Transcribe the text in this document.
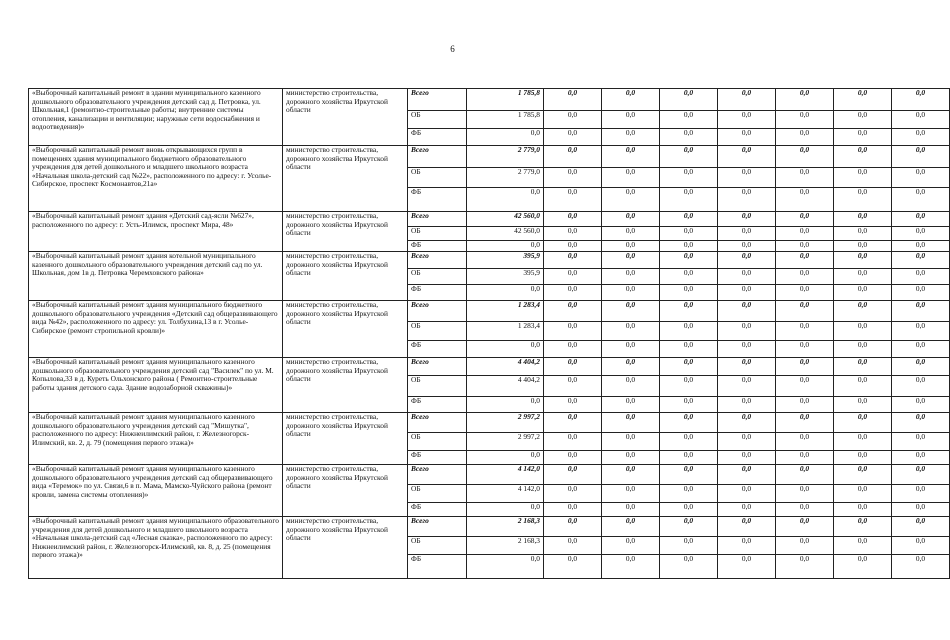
6
«Выборочный капитальный ремонт в здании муниципального казенного дошкольного образовательного учреждения детский сад д. Петровка, ул. Школьная,1 (ремонтно-строительные работы; внутренние системы отопления, канализации и вентиляции; наружные сети водоснабжения и водоотведения)»	министерство строительства, дорожного хозяйства Иркутской области	Всего	1 785,8	0,0	0,0	0,0	0,0	0,0	0,0	0,0
		ОБ	1 785,8	0,0	0,0	0,0	0,0	0,0	0,0	0,0
		ФБ	0,0	0,0	0,0	0,0	0,0	0,0	0,0	0,0
«Выборочный капитальный ремонт вновь открывающихся групп в помещениях здания муниципального бюджетного образовательного учреждения для детей дошкольного и младшего школьного возраста «Начальная школа-детский сад №22», расположенного по адресу: г. Усолье-Сибирское, проспект Космонавтов,21а»	министерство строительства, дорожного хозяйства Иркутской области	Всего	2 779,0	0,0	0,0	0,0	0,0	0,0	0,0	0,0
		ОБ	2 779,0	0,0	0,0	0,0	0,0	0,0	0,0	0,0
		ФБ	0,0	0,0	0,0	0,0	0,0	0,0	0,0	0,0
«Выборочный капитальный ремонт здания «Детский сад-ясли №627», расположенного по адресу: г. Усть-Илимск, проспект Мира, 48»	министерство строительства, дорожного хозяйства Иркутской области	Всего	42 560,0	0,0	0,0	0,0	0,0	0,0	0,0	0,0
		ОБ	42 560,0	0,0	0,0	0,0	0,0	0,0	0,0	0,0
		ФБ	0,0	0,0	0,0	0,0	0,0	0,0	0,0	0,0
«Выборочный капитальный ремонт здания котельной муниципального казенного дошкольного образовательного учреждения детский сад по ул. Школьная, дом 1в д. Петровка Черемховского района»	министерство строительства, дорожного хозяйства Иркутской области	Всего	395,9	0,0	0,0	0,0	0,0	0,0	0,0	0,0
		ОБ	395,9	0,0	0,0	0,0	0,0	0,0	0,0	0,0
		ФБ	0,0	0,0	0,0	0,0	0,0	0,0	0,0	0,0
«Выборочный капитальный ремонт здания муниципального бюджетного дошкольного образовательного учреждения «Детский сад общеразвивающего вида №42», расположенного по адресу: ул. Толбухина,13 в г. Усолье-Сибирское (ремонт стропильной кровли)»	министерство строительства, дорожного хозяйства Иркутской области	Всего	1 283,4	0,0	0,0	0,0	0,0	0,0	0,0	0,0
		ОБ	1 283,4	0,0	0,0	0,0	0,0	0,0	0,0	0,0
		ФБ	0,0	0,0	0,0	0,0	0,0	0,0	0,0	0,0
«Выборочный капитальный ремонт здания муниципального казенного дошкольного образовательного учреждения детский сад "Василек" по ул. М. Копылова,33 в д. Куреть Ольхонского района ( Ремонтно-строительные работы здания детского сада. Здание водозаборной скважины)»	министерство строительства, дорожного хозяйства Иркутской области	Всего	4 404,2	0,0	0,0	0,0	0,0	0,0	0,0	0,0
		ОБ	4 404,2	0,0	0,0	0,0	0,0	0,0	0,0	0,0
		ФБ	0,0	0,0	0,0	0,0	0,0	0,0	0,0	0,0
«Выборочный капитальный ремонт здания муниципального казенного дошкольного образовательного учреждения детский сад "Мишутка", расположенного по адресу: Нижнеилимский район, г. Железногорск-Илимский, кв. 2, д. 79 (помещения первого этажа)»	министерство строительства, дорожного хозяйства Иркутской области	Всего	2 997,2	0,0	0,0	0,0	0,0	0,0	0,0	0,0
		ОБ	2 997,2	0,0	0,0	0,0	0,0	0,0	0,0	0,0
		ФБ	0,0	0,0	0,0	0,0	0,0	0,0	0,0	0,0
«Выборочный капитальный ремонт здания муниципального казенного дошкольного образовательного учреждения детский сад общеразвивающего вида «Теремок» по ул. Связи,6 в п. Мама, Мамско-Чуйского района (ремонт кровли, замена системы отопления)»	министерство строительства, дорожного хозяйства Иркутской области	Всего	4 142,0	0,0	0,0	0,0	0,0	0,0	0,0	0,0
		ОБ	4 142,0	0,0	0,0	0,0	0,0	0,0	0,0	0,0
		ФБ	0,0	0,0	0,0	0,0	0,0	0,0	0,0	0,0
«Выборочный капитальный ремонт здания муниципального образовательного учреждения для детей дошкольного и младшего школьного возраста «Начальная школа-детский сад «Лесная сказка», расположенного по адресу: Нижнеилимский район, г. Железногорск-Илимский, кв. 8, д. 25 (помещения первого этажа)»	министерство строительства, дорожного хозяйства Иркутской области	Всего	2 168,3	0,0	0,0	0,0	0,0	0,0	0,0	0,0
		ОБ	2 168,3	0,0	0,0	0,0	0,0	0,0	0,0	0,0
		ФБ	0,0	0,0	0,0	0,0	0,0	0,0	0,0	0,0
